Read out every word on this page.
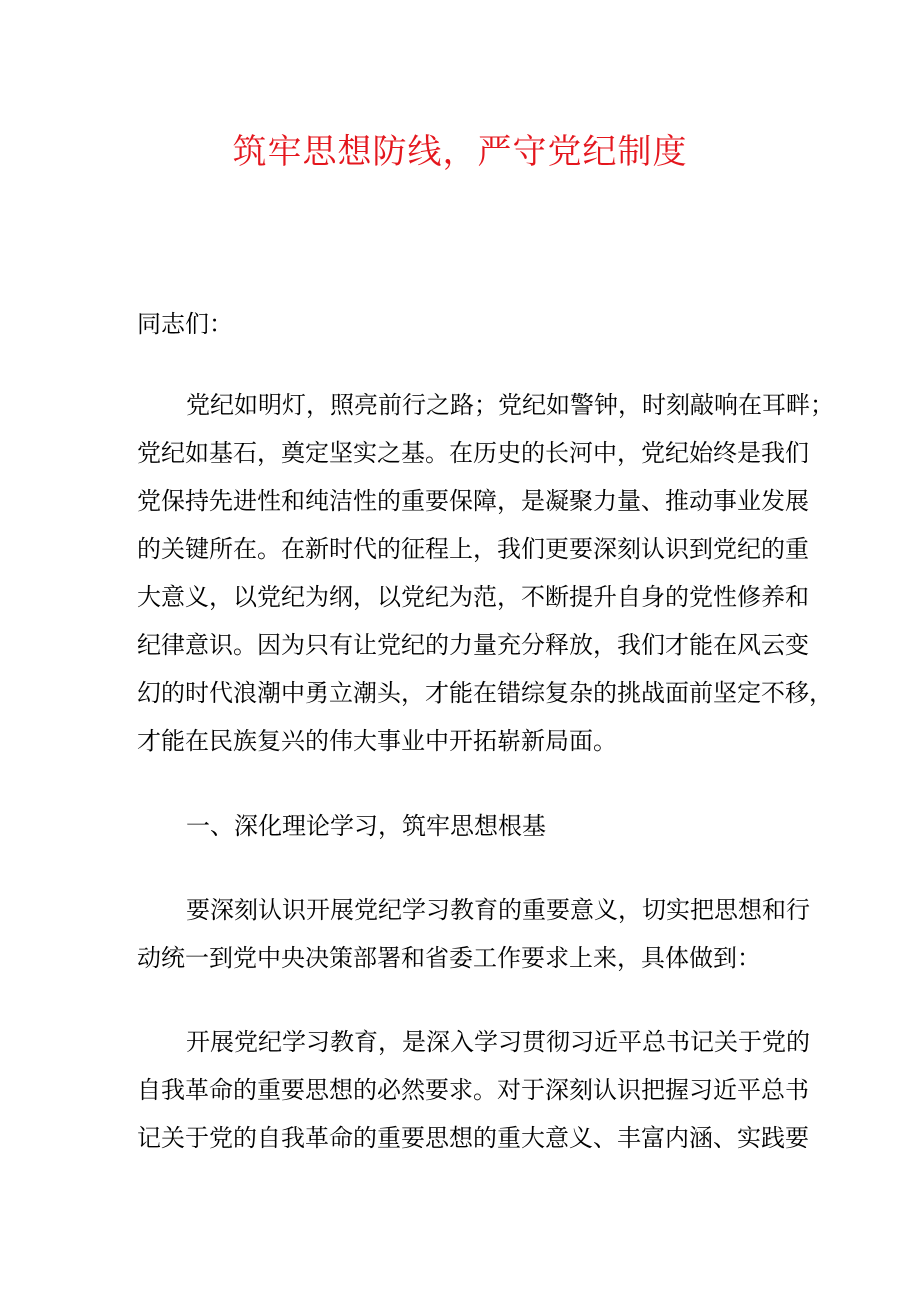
筑牢思想防线，严守党纪制度
同志们：
党纪如明灯，照亮前行之路；党纪如警钟，时刻敲响在耳畔；
党纪如基石，奠定坚实之基。在历史的长河中，党纪始终是我们
党保持先进性和纯洁性的重要保障，是凝聚力量、推动事业发展
的关键所在。在新时代的征程上，我们更要深刻认识到党纪的重
大意义，以党纪为纲，以党纪为范，不断提升自身的党性修养和
纪律意识。因为只有让党纪的力量充分释放，我们才能在风云变
幻的时代浪潮中勇立潮头，才能在错综复杂的挑战面前坚定不移，
才能在民族复兴的伟大事业中开拓崭新局面。
一、深化理论学习，筑牢思想根基
要深刻认识开展党纪学习教育的重要意义，切实把思想和行
动统一到党中央决策部署和省委工作要求上来，具体做到：
开展党纪学习教育，是深入学习贯彻习近平总书记关于党的
自我革命的重要思想的必然要求。对于深刻认识把握习近平总书
记关于党的自我革命的重要思想的重大意义、丰富内涵、实践要
